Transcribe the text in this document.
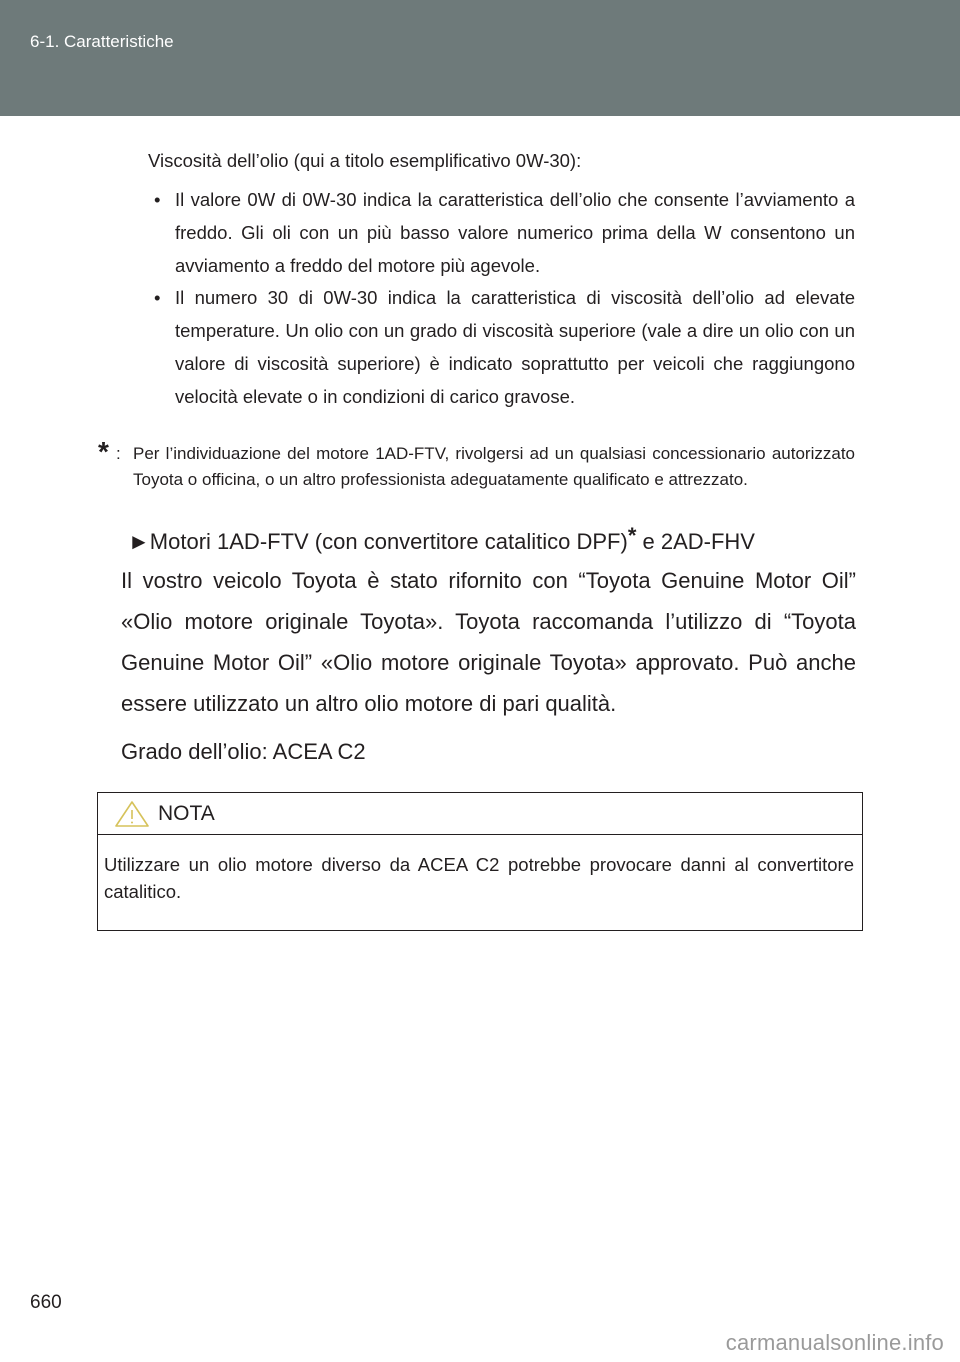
6-1. Caratteristiche

Viscosità dell’olio (qui a titolo esemplificativo 0W-30):

• Il valore 0W di 0W-30 indica la caratteristica dell’olio che consente l’avviamento a freddo. Gli oli con un più basso valore numerico prima della W consentono un avviamento a freddo del motore più agevole.

• Il numero 30 di 0W-30 indica la caratteristica di viscosità dell’olio ad elevate temperature. Un olio con un grado di viscosità superiore (vale a dire un olio con un valore di viscosità superiore) è indicato soprattutto per veicoli che raggiungono velocità elevate o in condizioni di carico gravose.

* : Per l’individuazione del motore 1AD-FTV, rivolgersi ad un qualsiasi concessionario autorizzato Toyota o officina, o un altro professionista adeguatamente qualificato e attrezzato.

►Motori 1AD-FTV (con convertitore catalitico DPF)* e 2AD-FHV

Il vostro veicolo Toyota è stato rifornito con “Toyota Genuine Motor Oil” «Olio motore originale Toyota». Toyota raccomanda l’utilizzo di “Toyota Genuine Motor Oil” «Olio motore originale Toyota» approvato. Può anche essere utilizzato un altro olio motore di pari qualità.

Grado dell’olio: ACEA C2

NOTA

Utilizzare un olio motore diverso da ACEA C2 potrebbe provocare danni al convertitore catalitico.

660
carmanualsonline.info
